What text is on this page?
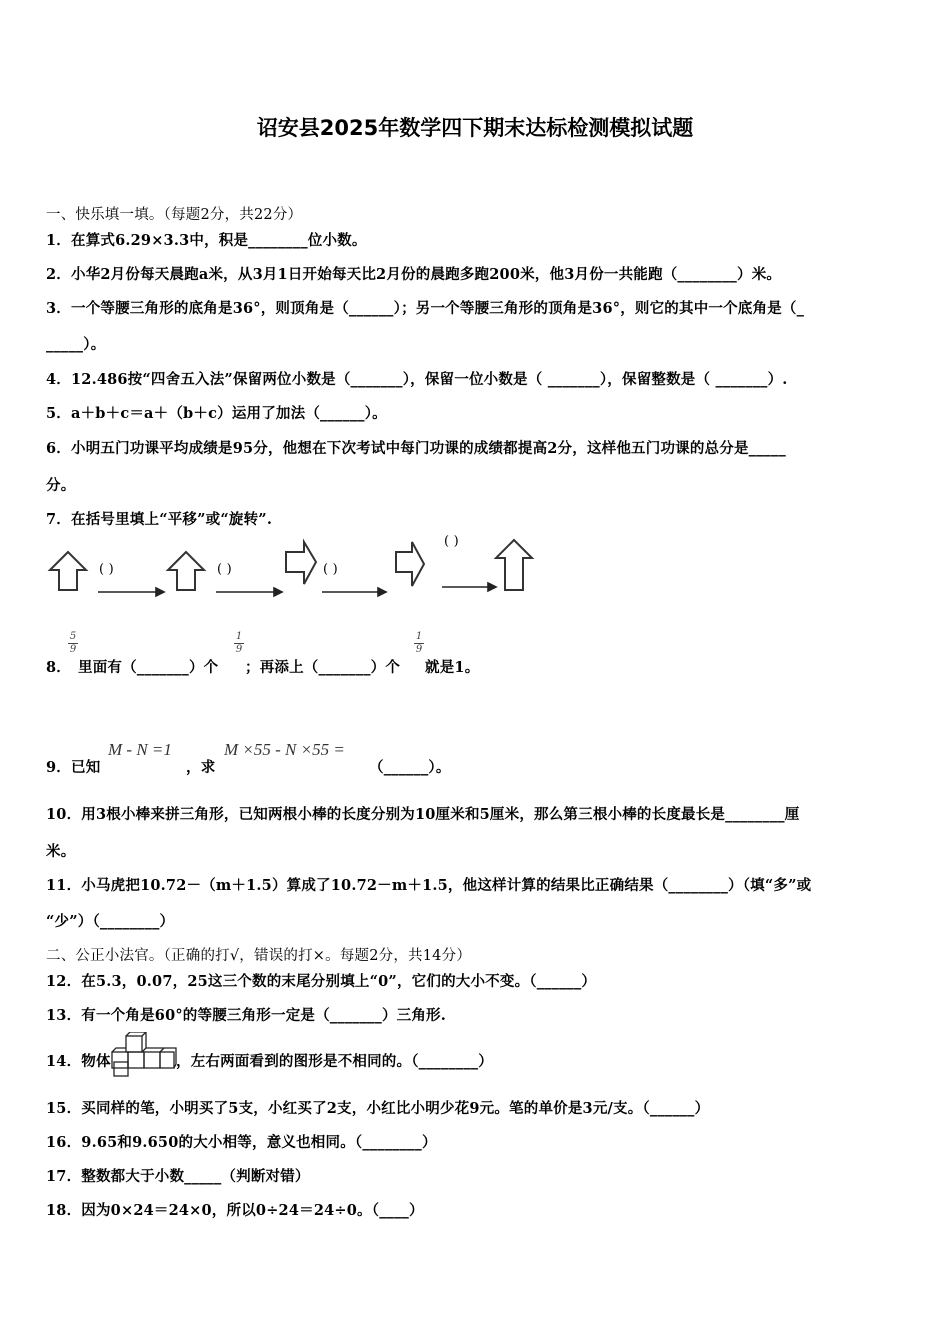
诏安县2025年数学四下期末达标检测模拟试题
一、快乐填一填。（每题2分，共22分）
1．在算式6.29×3.3中，积是________位小数。
2．小华2月份每天晨跑a米，从3月1日开始每天比2月份的晨跑多跑200米，他3月份一共能跑（________）米。
3．一个等腰三角形的底角是36°，则顶角是（______）；另一个等腰三角形的顶角是36°，则它的其中一个底角是（_
_____）。
4．12.486按“四舍五入法”保留两位小数是（_______），保留一位小数是（ _______），保留整数是（ _______）.
5．a＋b＋c＝a＋（b＋c）运用了加法（______）。
6．小明五门功课平均成绩是95分，他想在下次考试中每门功课的成绩都提高2分，这样他五门功课的总分是_____
分。
7．在括号里填上“平移”或“旋转”.
( )	( )	( )
( )
8．
5
9
里面有（_______）个
1
9
；再添上（_______）个
1
9
就是1。
9．已知
M - N =1
，求
M ×55 - N ×55 =
（______）。
10．用3根小棒来拼三角形，已知两根小棒的长度分别为10厘米和5厘米，那么第三根小棒的长度最长是________厘
米。
11．小马虎把10.72－（m＋1.5）算成了10.72－m＋1.5，他这样计算的结果比正确结果（________）（填“多”或
“少”）（________）
二、公正小法官。（正确的打√，错误的打×。每题2分，共14分）
12．在5.3，0.07，25这三个数的末尾分别填上“0”，它们的大小不变。（______）
13．有一个角是60°的等腰三角形一定是（_______）三角形.
14．物体	，左右两面看到的图形是不相同的。（________）
15．买同样的笔，小明买了5支，小红买了2支，小红比小明少花9元。笔的单价是3元/支。（______）
16．9.65和9.650的大小相等，意义也相同。（________）
17．整数都大于小数_____（判断对错）
18．因为0×24＝24×0，所以0÷24＝24÷0。（____）
